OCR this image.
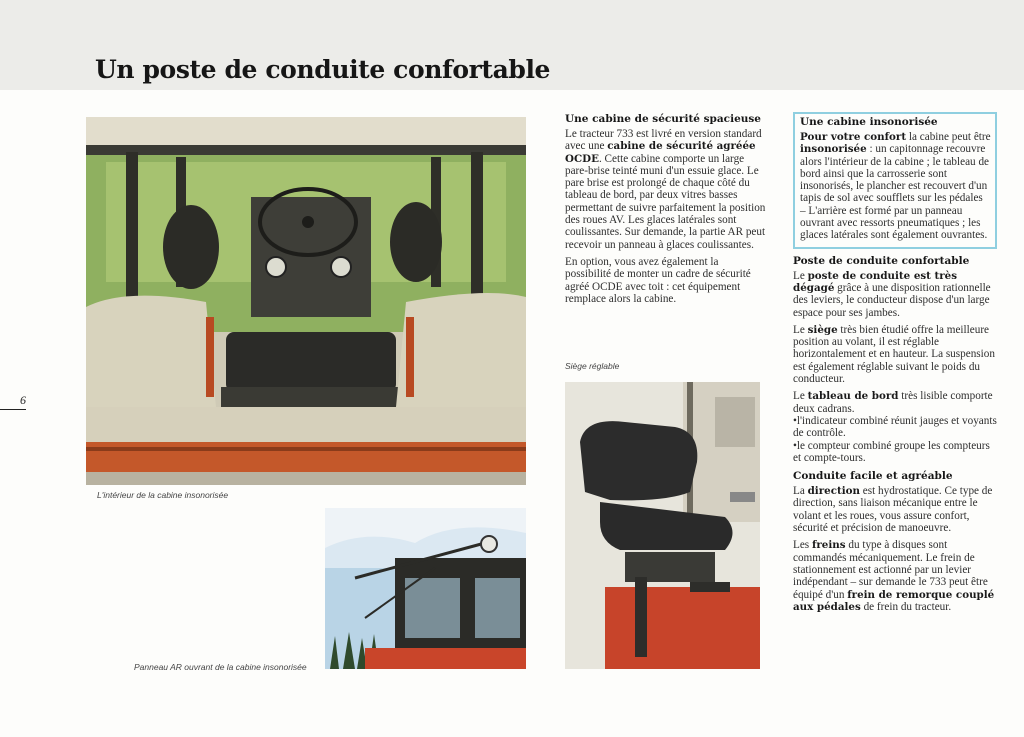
Un poste de conduite confortable
6
L'intérieur de la cabine insonorisée
Panneau AR ouvrant de la cabine insonorisée
Siège réglable
Une cabine de sécurité spacieuse

Le tracteur 733 est livré en version standard avec une cabine de sécurité agréée OCDE. Cette cabine comporte un large pare-brise teinté muni d'un essuie glace. Le pare brise est prolongé de chaque côté du tableau de bord, par deux vitres basses permettant de suivre parfaitement la position des roues AV. Les glaces latérales sont coulissantes. Sur demande, la partie AR peut recevoir un panneau à glaces coulissantes.

En option, vous avez également la possibilité de monter un cadre de sécurité agréé OCDE avec toit : cet équipement remplace alors la cabine.

Une cabine insonorisée

Pour votre confort la cabine peut être insonorisée : un capitonnage recouvre alors l'intérieur de la cabine ; le tableau de bord ainsi que la carrosserie sont insonorisés, le plancher est recouvert d'un tapis de sol avec soufflets sur les pédales – L'arrière est formé par un panneau ouvrant avec ressorts pneumatiques ; les glaces latérales sont également ouvrantes.

Poste de conduite confortable

Le poste de conduite est très dégagé grâce à une disposition rationnelle des leviers, le conducteur dispose d'un large espace pour ses jambes.

Le siège très bien étudié offre la meilleure position au volant, il est réglable horizontalement et en hauteur. La suspension est également réglable suivant le poids du conducteur.

Le tableau de bord très lisible comporte deux cadrans.
•l'indicateur combiné réunit jauges et voyants de contrôle.
•le compteur combiné groupe les compteurs et compte-tours.

Conduite facile et agréable

La direction est hydrostatique. Ce type de direction, sans liaison mécanique entre le volant et les roues, vous assure confort, sécurité et précision de manoeuvre.

Les freins du type à disques sont commandés mécaniquement. Le frein de stationnement est actionné par un levier indépendant – sur demande le 733 peut être équipé d'un frein de remorque couplé aux pédales de frein du tracteur.
